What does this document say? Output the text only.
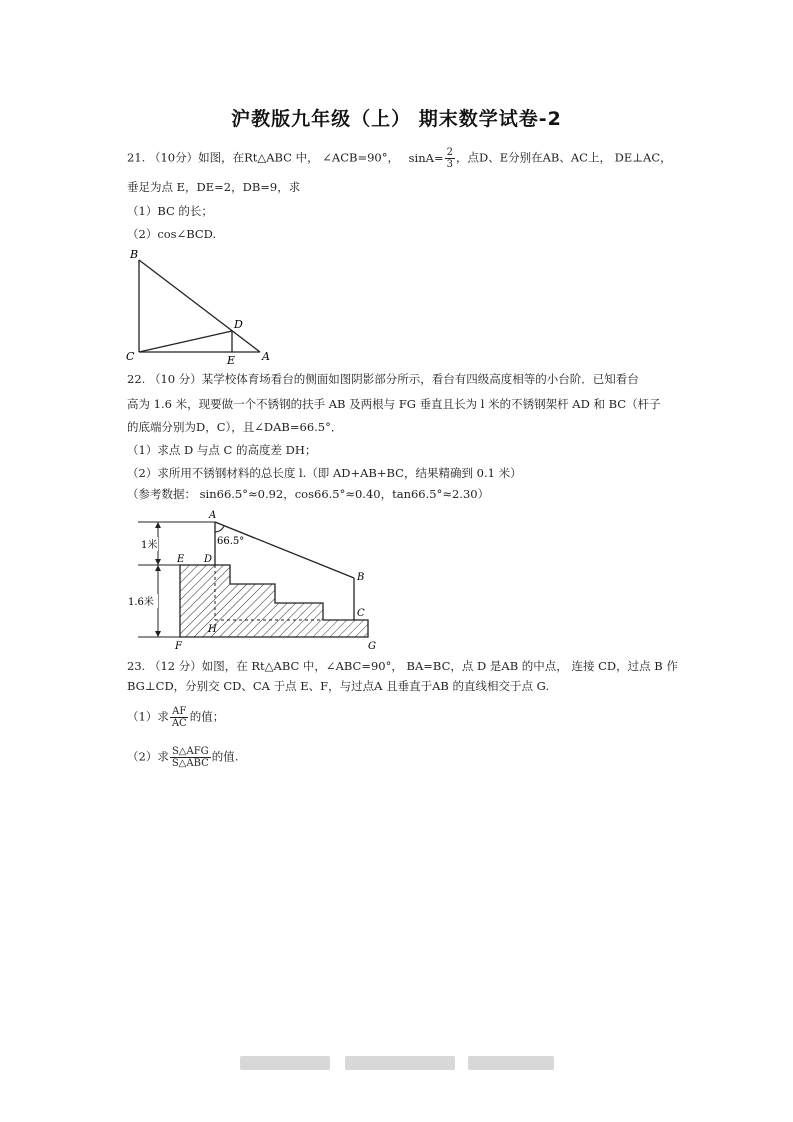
沪教版九年级（上） 期末数学试卷-2
21. （10分）如图，在Rt△ABC 中， ∠ACB=90°， $\sin A= \frac{2}{3}$ ，点D、E分别在AB、AC上， DE⊥AC，
垂足为点 E，DE=2，DB=9，求
（1）BC 的长；
（2）cos∠BCD.
B
D
C	E A
22. （10 分）某学校体育场看台的侧面如图阴影部分所示，看台有四级高度相等的小台阶．已知看台
高为 1.6 米，现要做一个不锈钢的扶手 AB 及两根与 FG 垂直且长为 l 米的不锈钢架杆 AD 和 BC（杆子
的底端分别为D，C），且∠DAB=66.5°．
（1）求点 D 与点 C 的高度差 DH；
（2）求所用不锈钢材料的总长度 l.（即 AD+AB+BC，结果精确到 0.1 米）
（参考数据： sin66.5°≈0.92，cos66.5°≈0.40，tan66.5°≈2.30）
1米
1.6米
A
66.5°
E D
B
C
H
F	G
23. （12 分）如图，在 Rt△ABC 中，∠ABC=90°， BA=BC，点 D 是AB 的中点， 连接 CD，过点 B 作
BG⊥CD，分别交 CD、CA 于点 E、F，与过点A 且垂直于AB 的直线相交于点 G.
（1）求 $\frac{AF}{AC}$ 的值；
（2）求 $\frac{\text{S△AFG}}{\text{S△ABC}}$ 的值.
